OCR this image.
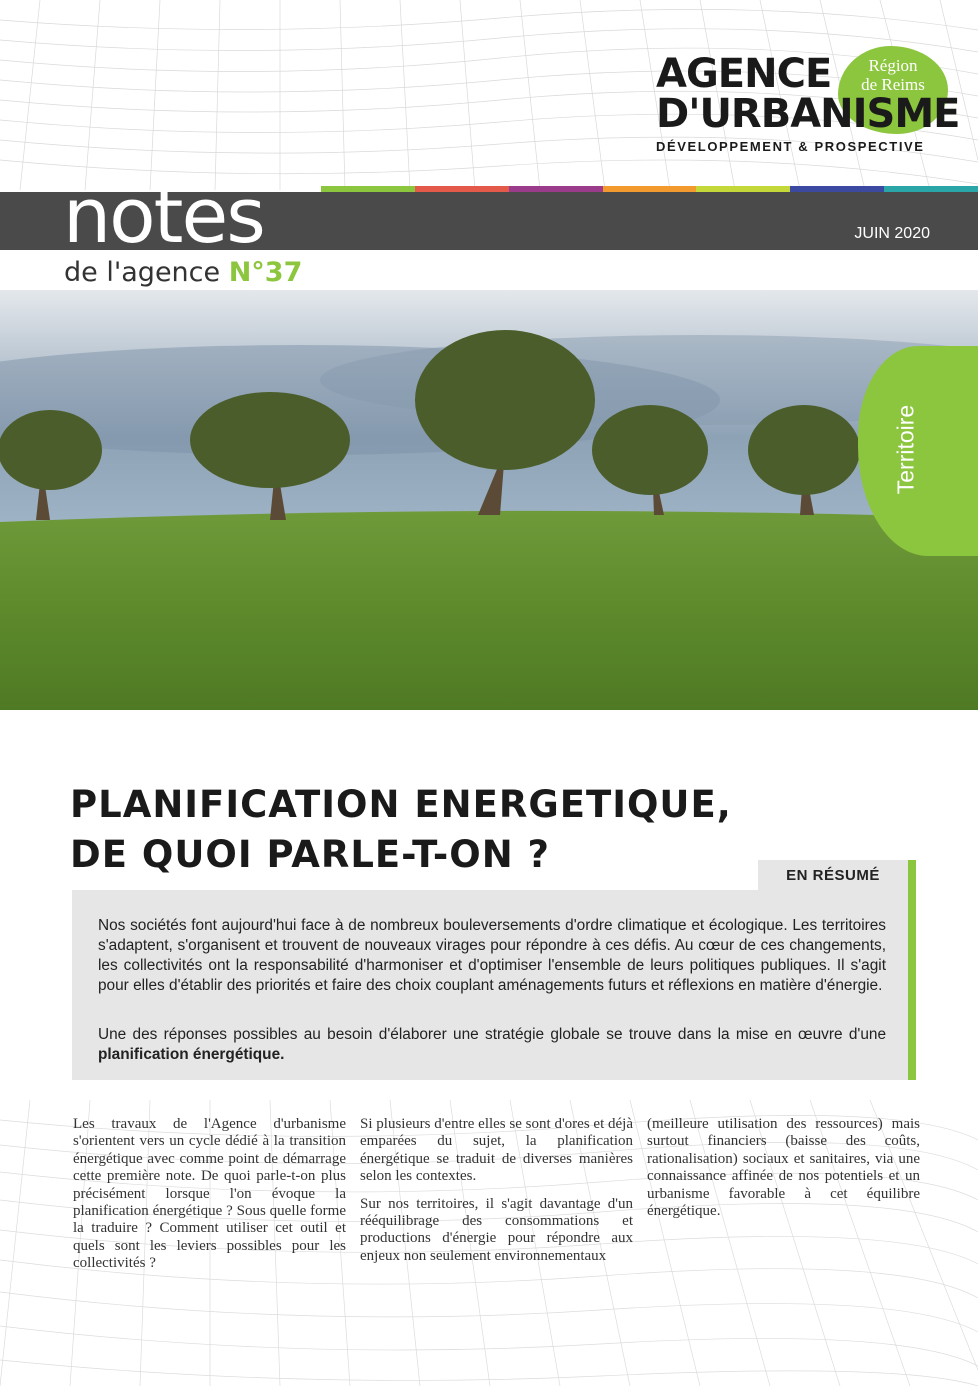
Région
de Reims
AGENCE
D'URBANISME
DÉVELOPPEMENT & PROSPECTIVE
notes	JUIN 2020
de l'agence N°37
Territoire
PLANIFICATION ENERGETIQUE,
DE QUOI PARLE-T-ON ?	EN RÉSUMÉ

Nos sociétés font aujourd'hui face à de nombreux bouleversements d'ordre climatique et écologique. Les territoires s'adaptent, s'organisent et trouvent de nouveaux virages pour répondre à ces défis. Au cœur de ces changements, les collectivités ont la responsabilité d'harmoniser et d'optimiser l'ensemble de leurs politiques publiques. Il s'agit pour elles d'établir des priorités et faire des choix couplant aménagements futurs et réflexions en matière d'énergie.

Une des réponses possibles au besoin d'élaborer une stratégie globale se trouve dans la mise en œuvre d'une planification énergétique.

Les travaux de l'Agence d'urbanisme s'orientent vers un cycle dédié à la transition énergétique avec comme point de démarrage cette première note. De quoi parle-t-on plus précisément lorsque l'on évoque la planification énergétique ? Sous quelle forme la traduire ? Comment utiliser cet outil et quels sont les leviers possibles pour les collectivités ?

Si plusieurs d'entre elles se sont d'ores et déjà emparées du sujet, la planification énergétique se traduit de diverses manières selon les contextes.

Sur nos territoires, il s'agit davantage d'un rééquilibrage des consommations et productions d'énergie pour répondre aux enjeux non seulement environnementaux

(meilleure utilisation des ressources) mais surtout financiers (baisse des coûts, rationalisation) sociaux et sanitaires, via une connaissance affinée de nos potentiels et un urbanisme favorable à cet équilibre énergétique.
